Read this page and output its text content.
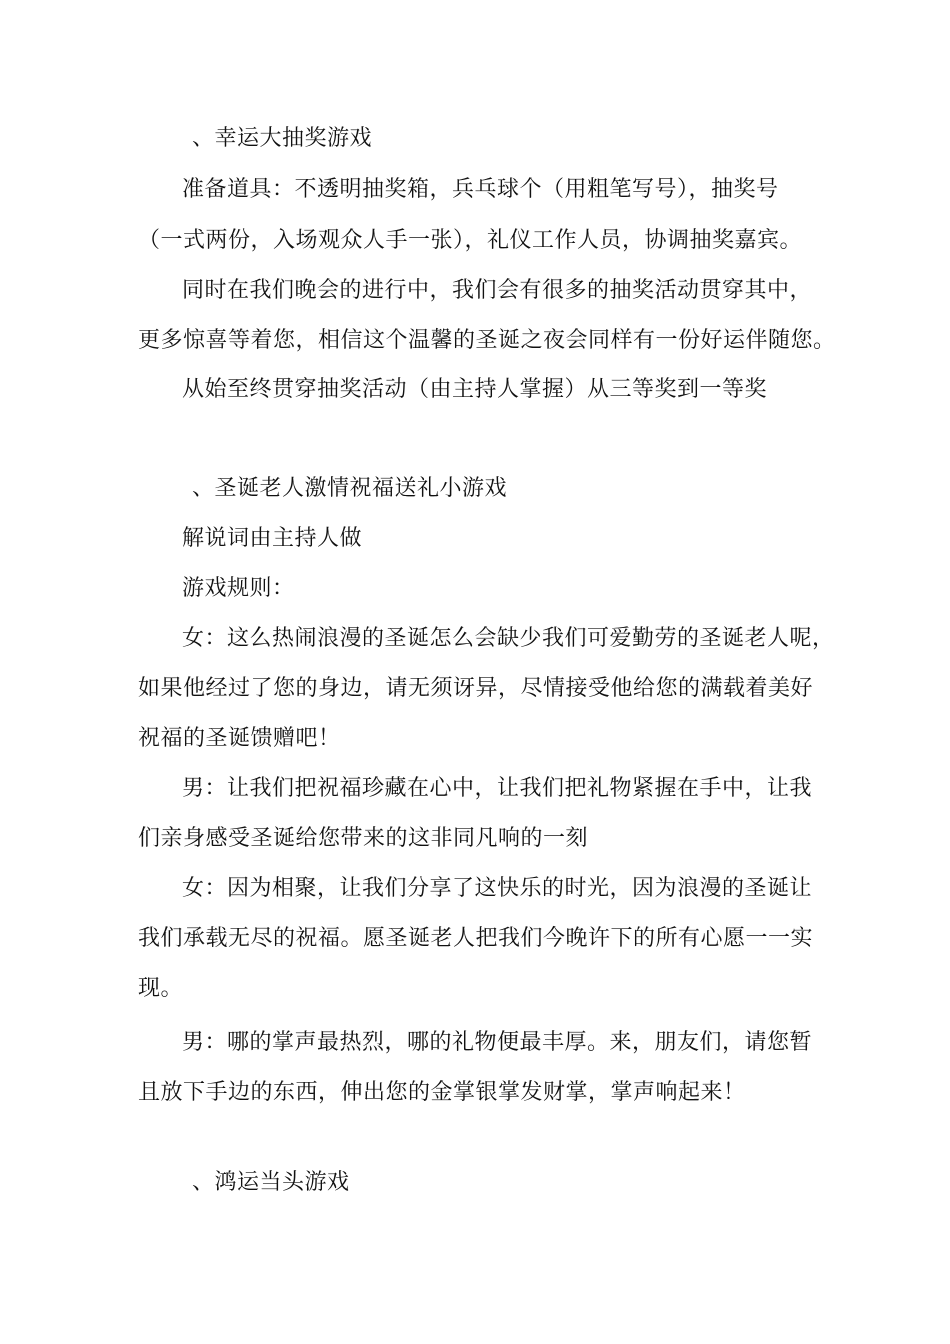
、幸运大抽奖游戏
准备道具：不透明抽奖箱，兵乓球个（用粗笔写号），抽奖号
（一式两份，入场观众人手一张），礼仪工作人员，协调抽奖嘉宾。
同时在我们晚会的进行中，我们会有很多的抽奖活动贯穿其中，
更多惊喜等着您，相信这个温馨的圣诞之夜会同样有一份好运伴随您。
从始至终贯穿抽奖活动（由主持人掌握）从三等奖到一等奖
、圣诞老人激情祝福送礼小游戏
解说词由主持人做
游戏规则：
女：这么热闹浪漫的圣诞怎么会缺少我们可爱勤劳的圣诞老人呢，
如果他经过了您的身边，请无须讶异，尽情接受他给您的满载着美好
祝福的圣诞馈赠吧！
男：让我们把祝福珍藏在心中，让我们把礼物紧握在手中，让我
们亲身感受圣诞给您带来的这非同凡响的一刻
女：因为相聚，让我们分享了这快乐的时光，因为浪漫的圣诞让
我们承载无尽的祝福。愿圣诞老人把我们今晚许下的所有心愿一一实
现。
男：哪的掌声最热烈，哪的礼物便最丰厚。来，朋友们，请您暂
且放下手边的东西，伸出您的金掌银掌发财掌，掌声响起来！
、鸿运当头游戏
